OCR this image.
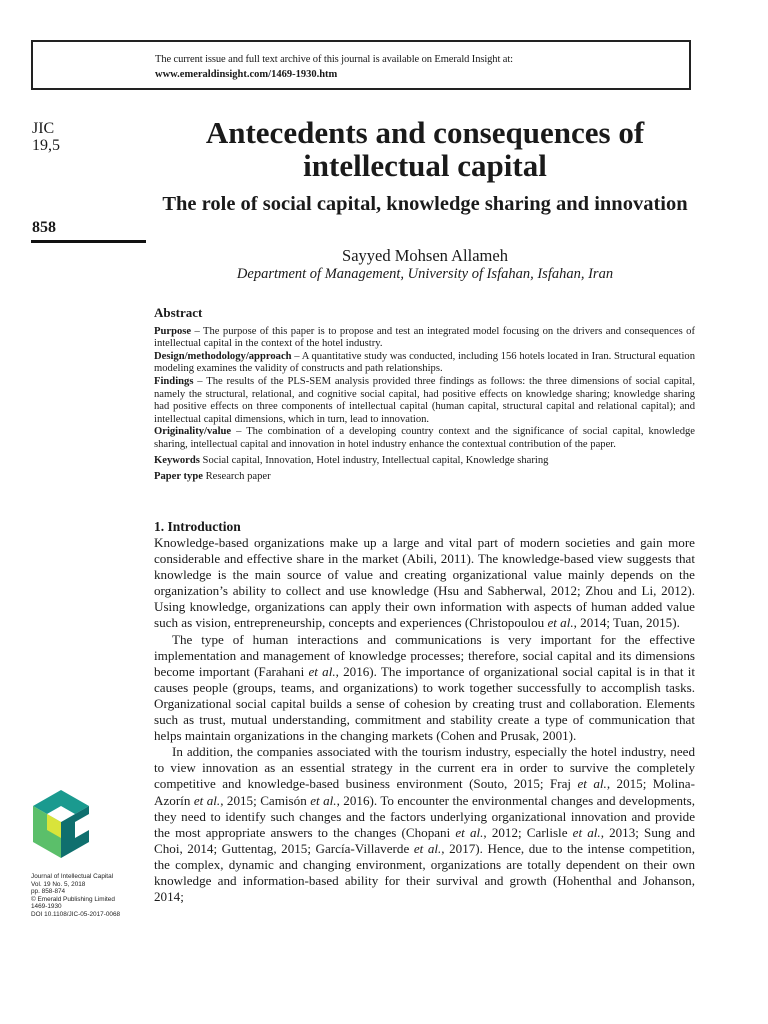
The current issue and full text archive of this journal is available on Emerald Insight at:
www.emeraldinsight.com/1469-1930.htm
JIC
19,5
858
Antecedents and consequences of intellectual capital
The role of social capital, knowledge sharing and innovation
Sayyed Mohsen Allameh
Department of Management, University of Isfahan, Isfahan, Iran
Abstract

Purpose – The purpose of this paper is to propose and test an integrated model focusing on the drivers and consequences of intellectual capital in the context of the hotel industry.

Design/methodology/approach – A quantitative study was conducted, including 156 hotels located in Iran. Structural equation modeling examines the validity of constructs and path relationships.

Findings – The results of the PLS-SEM analysis provided three findings as follows: the three dimensions of social capital, namely the structural, relational, and cognitive social capital, had positive effects on knowledge sharing; knowledge sharing had positive effects on three components of intellectual capital (human capital, structural capital and relational capital); and intellectual capital dimensions, which in turn, lead to innovation.

Originality/value – The combination of a developing country context and the significance of social capital, knowledge sharing, intellectual capital and innovation in hotel industry enhance the contextual contribution of the paper.

Keywords Social capital, Innovation, Hotel industry, Intellectual capital, Knowledge sharing

Paper type Research paper

1. Introduction

Knowledge-based organizations make up a large and vital part of modern societies and gain more considerable and effective share in the market (Abili, 2011). The knowledge-based view suggests that knowledge is the main source of value and creating organizational value mainly depends on the organization’s ability to collect and use knowledge (Hsu and Sabherwal, 2012; Zhou and Li, 2012). Using knowledge, organizations can apply their own information with aspects of human added value such as vision, entrepreneurship, concepts and experiences (Christopoulou et al., 2014; Tuan, 2015).

The type of human interactions and communications is very important for the effective implementation and management of knowledge processes; therefore, social capital and its dimensions become important (Farahani et al., 2016). The importance of organizational social capital is in that it causes people (groups, teams, and organizations) to work together successfully to accomplish tasks. Organizational social capital builds a sense of cohesion by creating trust and collaboration. Elements such as trust, mutual understanding, commitment and stability create a type of communication that helps maintain organizations in the changing markets (Cohen and Prusak, 2001).

In addition, the companies associated with the tourism industry, especially the hotel industry, need to view innovation as an essential strategy in the current era in order to survive the completely competitive and knowledge-based business environment (Souto, 2015; Fraj et al., 2015; Molina-Azorín et al., 2015; Camisón et al., 2016). To encounter the environmental changes and developments, they need to identify such changes and the factors underlying organizational innovation and provide the most appropriate answers to the changes (Chopani et al., 2012; Carlisle et al., 2013; Sung and Choi, 2014; Guttentag, 2015; García-Villaverde et al., 2017). Hence, due to the intense competition, the complex, dynamic and changing environment, organizations are totally dependent on their own knowledge and information-based ability for their survival and growth (Hohenthal and Johanson, 2014;

Journal of Intellectual Capital
Vol. 19 No. 5, 2018
pp. 858-874
© Emerald Publishing Limited
1469-1930
DOI 10.1108/JIC-05-2017-0068
